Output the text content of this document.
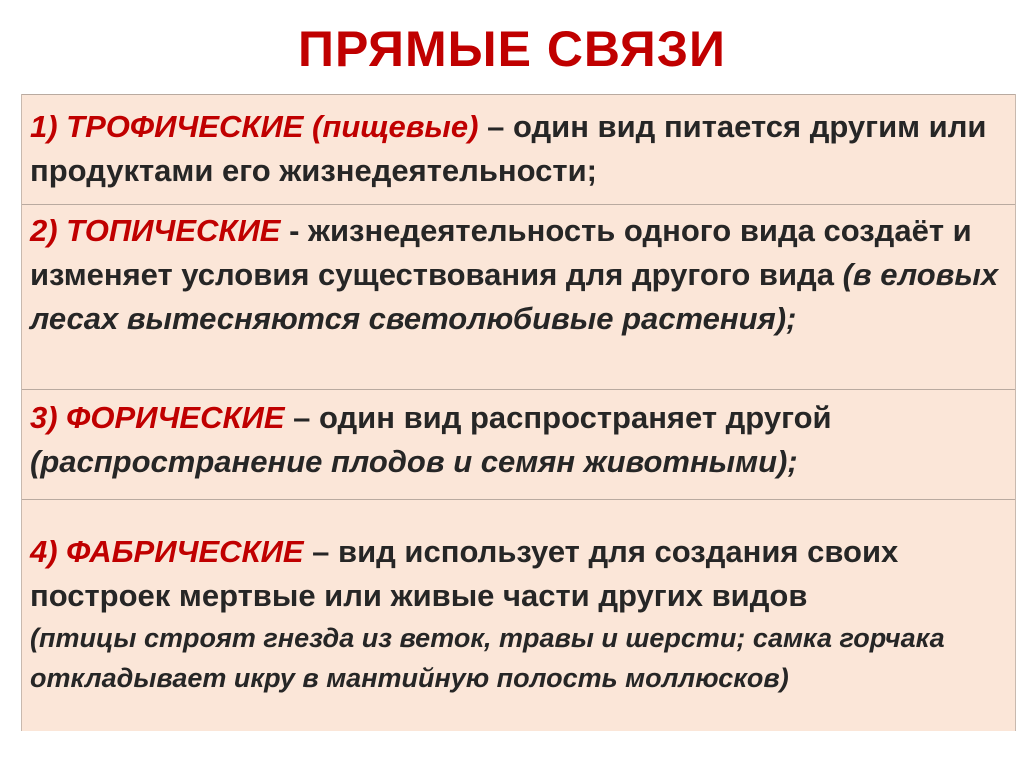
ПРЯМЫЕ СВЯЗИ
1) ТРОФИЧЕСКИЕ (пищевые) – один вид питается другим или продуктами его жизнедеятельности;
2) ТОПИЧЕСКИЕ - жизнедеятельность одного вида создаёт и изменяет условия существования для другого вида (в еловых лесах вытесняются светолюбивые растения);
3) ФОРИЧЕСКИЕ – один вид распространяет другой (распространение плодов и семян животными);
4) ФАБРИЧЕСКИЕ – вид использует для создания своих построек мертвые или живые части других видов
(птицы строят гнезда из веток, травы и шерсти; самка горчака откладывает икру в мантийную полость моллюсков)
